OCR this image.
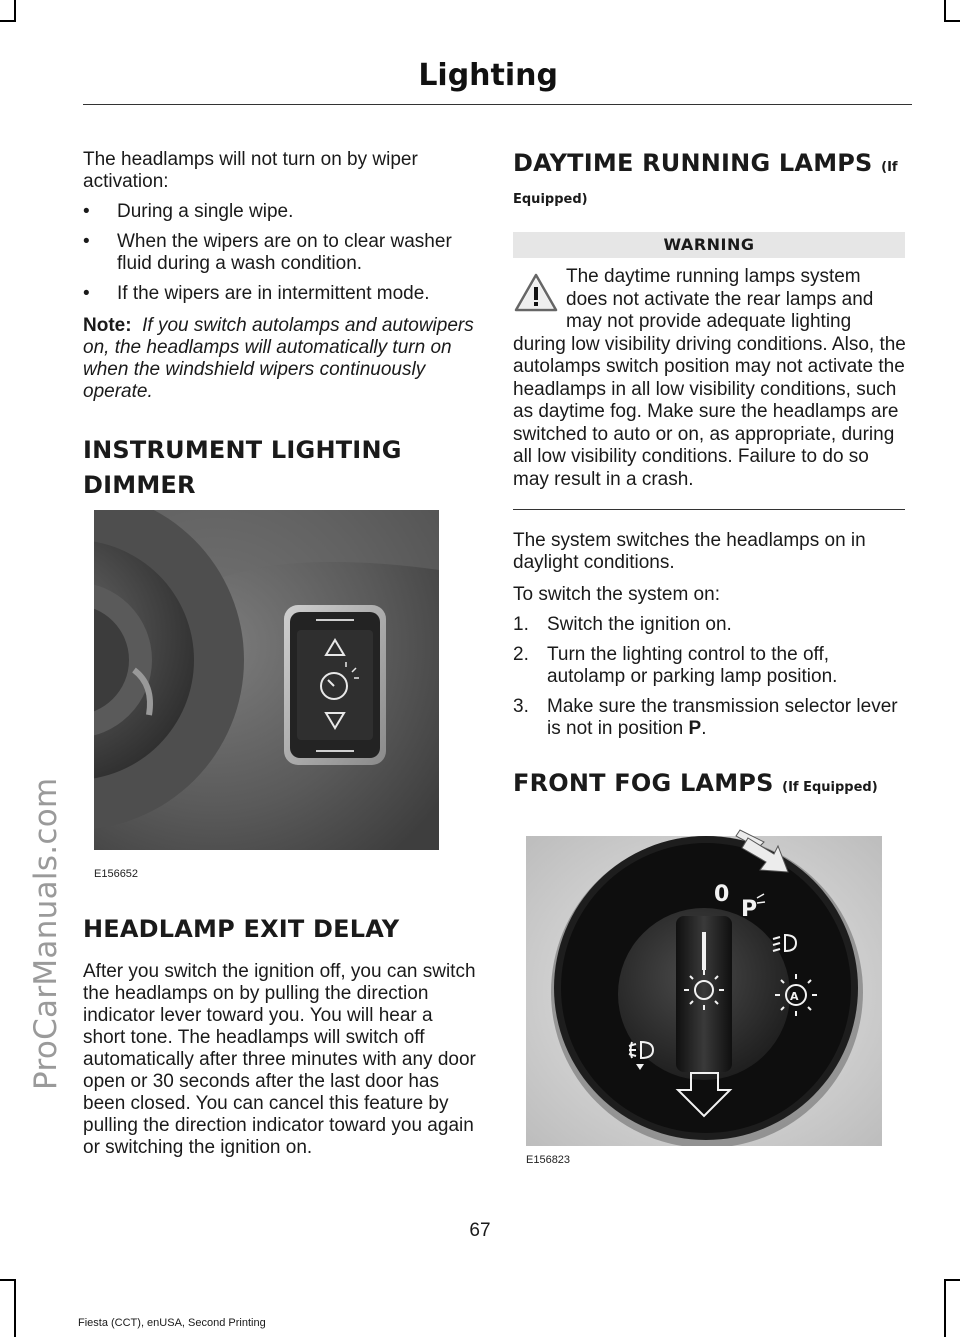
ProCarManuals.com
Lighting

The headlamps will not turn on by wiper activation:

•	During a single wipe.
•	When the wipers are on to clear washer fluid during a wash condition.
•	If the wipers are in intermittent mode.

Note: If you switch autolamps and autowipers on, the headlamps will automatically turn on when the windshield wipers continuously operate.

INSTRUMENT LIGHTING
DIMMER
E156652
HEADLAMP EXIT DELAY

After you switch the ignition off, you can switch the headlamps on by pulling the direction indicator lever toward you. You will hear a short tone. The headlamps will switch off automatically after three minutes with any door open or 30 seconds after the last door has been closed. You can cancel this feature by pulling the direction indicator toward you again or switching the ignition on.

DAYTIME RUNNING LAMPS (If
Equipped)
WARNING

The daytime running lamps system does not activate the rear lamps and may not provide adequate lighting

during low visibility driving conditions. Also, the autolamps switch position may not activate the headlamps in all low visibility conditions, such as daytime fog. Make sure the headlamps are switched to auto or on, as appropriate, during all low visibility conditions. Failure to do so may result in a crash.

The system switches the headlamps on in daylight conditions.

To switch the system on:

1. Switch the ignition on.
2. Turn the lighting control to the off, autolamp or parking lamp position.
3. Make sure the transmission selector lever is not in position P.
FRONT FOG LAMPS (If Equipped)
0
P
A
E156823
67
Fiesta (CCT), enUSA, Second Printing
